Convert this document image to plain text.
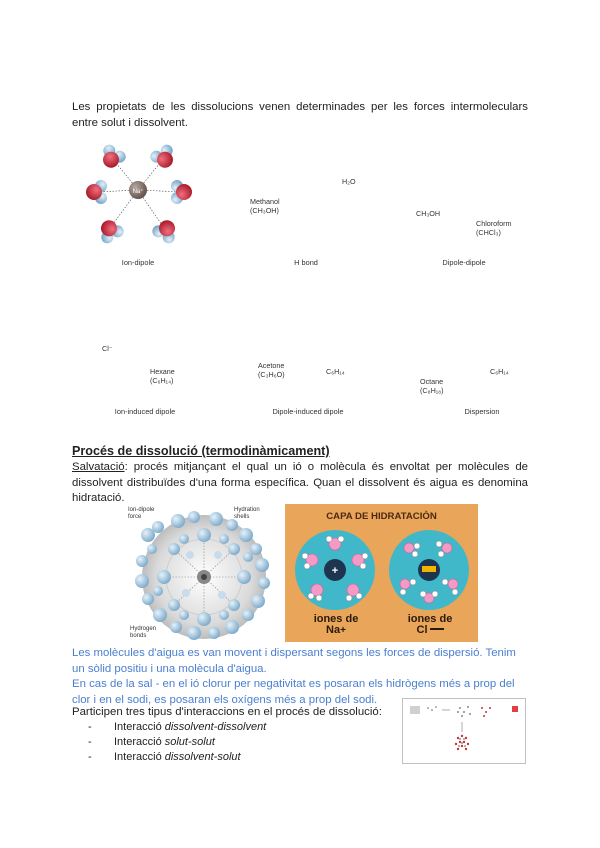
Les propietats de les dissolucions venen determinades per les forces intermoleculars entre solut i dissolvent.
Na⁺
Ion-dipole	H bond	Dipole-dipole
Ion-induced dipole	Dipole-induced dipole	Dispersion
Methanol
(CH₃OH)
H₂O
CH₃OH
Chloroform
(CHCl₃)
Cl⁻
Hexane
(C₆H₁₄)
Acetone
(C₃H₆O)	C₆H₁₄
Octane
(C₈H₁₈)
C₆H₁₄
Procés de dissolució (termodinàmicament)
Salvatació: procés mitjançant el qual un ió o molècula és envoltat per molècules de dissolvent distribuïdes d'una forma específica. Quan el dissolvent és aigua es denomina hidratació.
Ion-dipole force
Hydration shells
Hydrogen bonds
CAPA DE HIDRATACIÒN
+
iones de
Na+
iones de
Cl
Les molècules d'aigua es van movent i dispersant segons les forces de dispersió. Tenim un sòlid positiu i una molècula d'aigua.
En cas de la sal - en el ió clorur per negativitat es posaran els hidrògens més a prop del clor i en el sodi, es posaran els oxígens més a prop del sodi.
Participen tres tipus d'interaccions en el procés de dissolució:
- Interacció dissolvent-dissolvent
- Interacció solut-solut
- Interacció dissolvent-solut
